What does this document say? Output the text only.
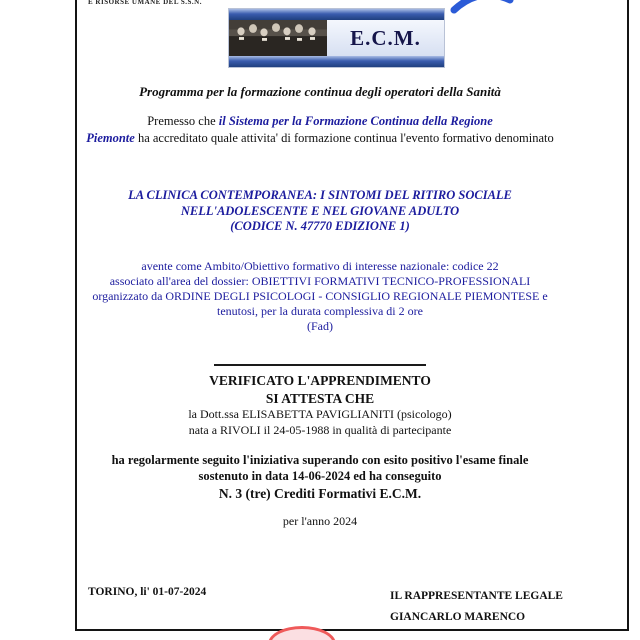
E RISORSE UMANE DEL S.S.N.
E.C.M.
Programma per la formazione continua degli operatori della Sanità
Premesso che il Sistema per la Formazione Continua della Regione
Piemonte ha accreditato quale attivita' di formazione continua l'evento formativo denominato
LA CLINICA CONTEMPORANEA: I SINTOMI DEL RITIRO SOCIALE
NELL'ADOLESCENTE E NEL GIOVANE ADULTO
(CODICE N. 47770 EDIZIONE 1)
avente come Ambito/Obiettivo formativo di interesse nazionale: codice 22
associato all'area del dossier: OBIETTIVI FORMATIVI TECNICO-PROFESSIONALI
organizzato da ORDINE DEGLI PSICOLOGI - CONSIGLIO REGIONALE PIEMONTESE e
tenutosi, per la durata complessiva di 2 ore
(Fad)
VERIFICATO L'APPRENDIMENTO
SI ATTESTA CHE
la Dott.ssa ELISABETTA PAVIGLIANITI (psicologo)
nata a RIVOLI il 24-05-1988 in qualità di partecipante
ha regolarmente seguito l'iniziativa superando con esito positivo l'esame finale
sostenuto in data 14-06-2024 ed ha conseguito
N. 3 (tre) Crediti Formativi E.C.M.
per l'anno 2024
TORINO, li' 01-07-2024	IL RAPPRESENTANTE LEGALE
GIANCARLO MARENCO
